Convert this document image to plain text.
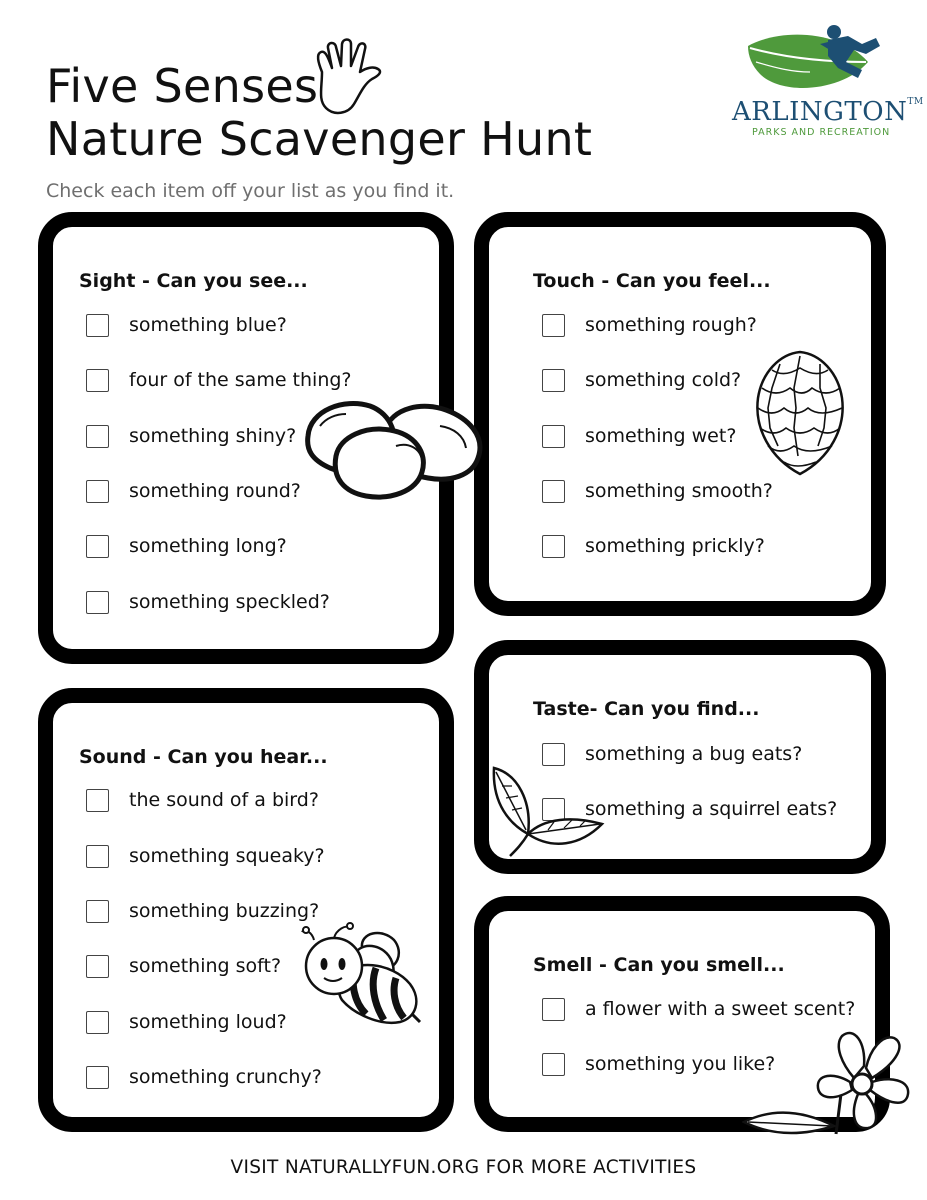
Five Senses
Nature Scavenger Hunt
Check each item off your list as you find it.
ARLINGTON™
PARKS AND RECREATION
Sight - Can you see...
something blue?
four of the same thing?
something shiny?
something round?
something long?
something speckled?
Touch - Can you feel...
something rough?
something cold?
something wet?
something smooth?
something prickly?
Taste- Can you find...
something a bug eats?
something a squirrel eats?
Sound - Can you hear...
the sound of a bird?
something squeaky?
something buzzing?
something soft?
something loud?
something crunchy?
Smell - Can you smell...
a flower with a sweet scent?
something you like?
VISIT NATURALLYFUN.ORG FOR MORE ACTIVITIES
